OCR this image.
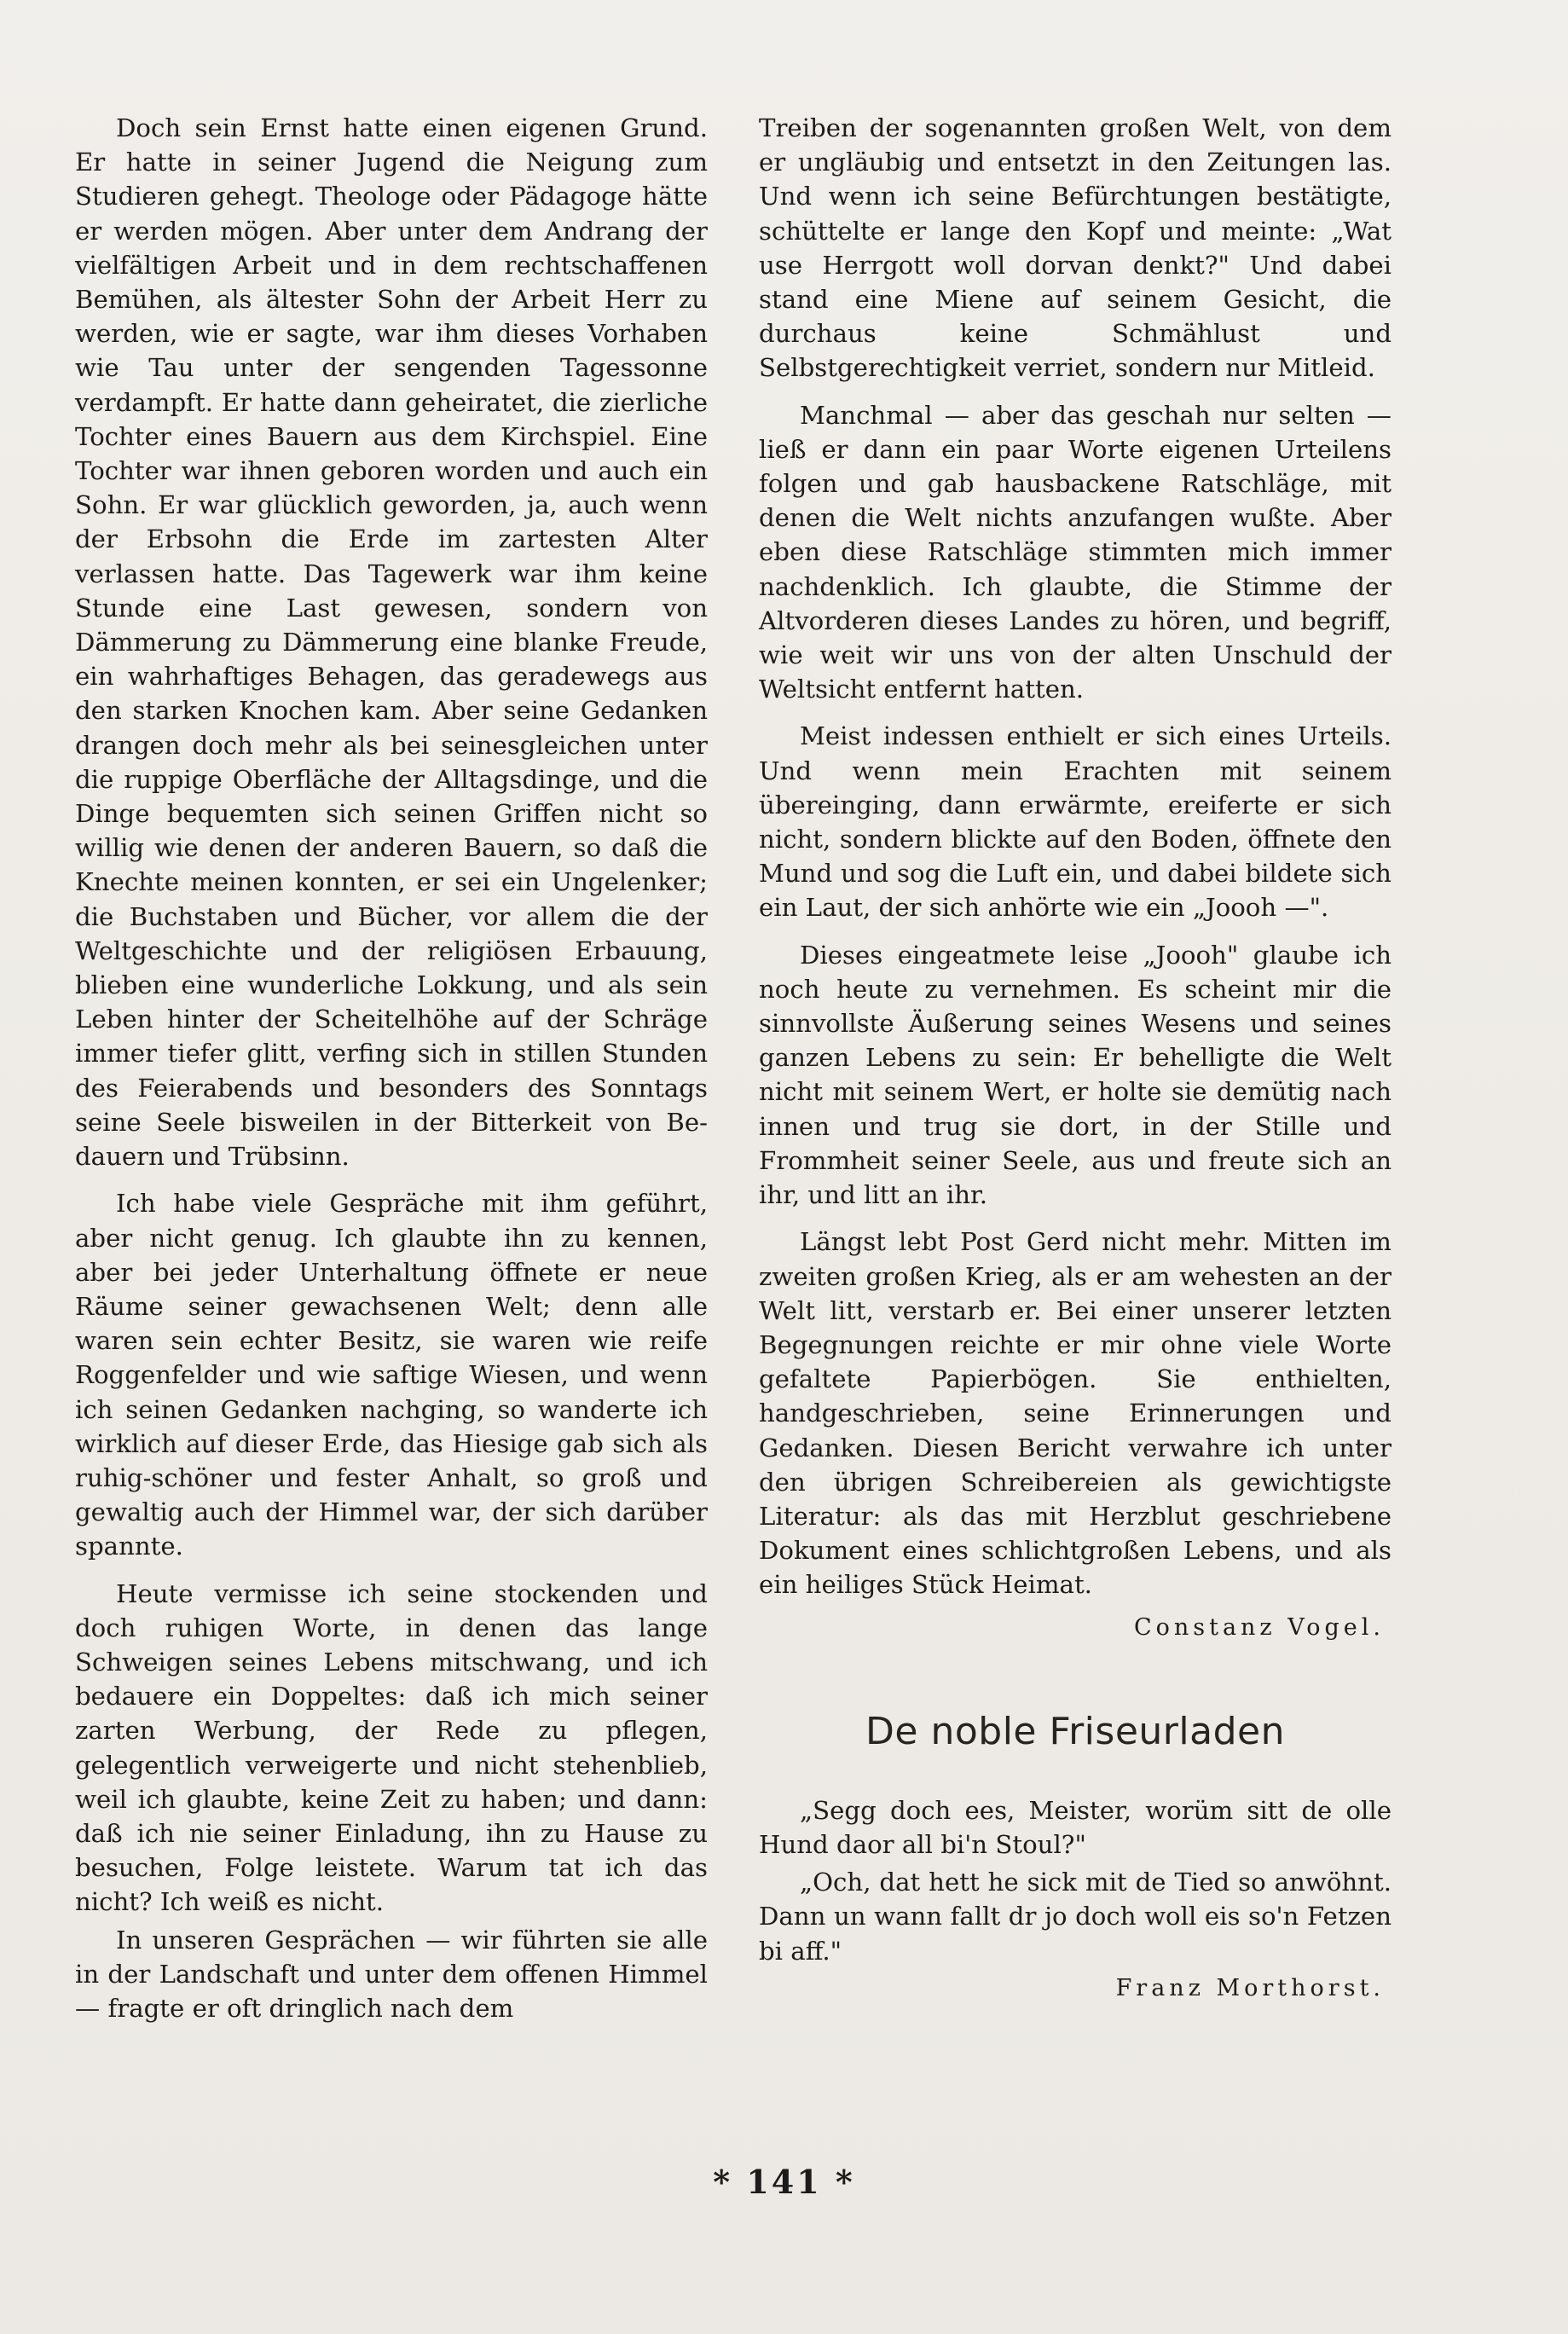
Doch sein Ernst hatte einen eigenen Grund. Er hatte in seiner Jugend die Neigung zum Studieren gehegt. Theologe oder Pädagoge hätte er werden mögen. Aber unter dem Andrang der vielfältigen Arbeit und in dem rechtschaffenen Bemühen, als ältester Sohn der Arbeit Herr zu werden, wie er sagte, war ihm dieses Vorhaben wie Tau unter der sengenden Tagessonne verdampft. Er hatte dann geheiratet, die zierliche Tochter eines Bauern aus dem Kirchspiel. Eine Tochter war ihnen geboren worden und auch ein Sohn. Er war glücklich geworden, ja, auch wenn der Erbsohn die Erde im zartesten Alter verlassen hatte. Das Tagewerk war ihm keine Stunde eine Last gewesen, sondern von Dämmerung zu Dämmerung eine blanke Freude, ein wahrhaftiges Behagen, das geradewegs aus den starken Knochen kam. Aber seine Gedanken drangen doch mehr als bei seinesgleichen unter die ruppige Oberfläche der Alltagsdinge, und die Dinge bequemten sich seinen Griffen nicht so willig wie denen der anderen Bauern, so daß die Knechte meinen konnten, er sei ein Ungelenker; die Buchstaben und Bücher, vor allem die der Weltgeschichte und der religiösen Erbauung, blieben eine wunderliche Lokkung, und als sein Leben hinter der Scheitelhöhe auf der Schräge immer tiefer glitt, verfing sich in stillen Stunden des Feierabends und besonders des Sonntags seine Seele bisweilen in der Bitterkeit von Bedauern und Trübsinn.

Ich habe viele Gespräche mit ihm geführt, aber nicht genug. Ich glaubte ihn zu kennen, aber bei jeder Unterhaltung öffnete er neue Räume seiner gewachsenen Welt; denn alle waren sein echter Besitz, sie waren wie reife Roggenfelder und wie saftige Wiesen, und wenn ich seinen Gedanken nachging, so wanderte ich wirklich auf dieser Erde, das Hiesige gab sich als ruhig-schöner und fester Anhalt, so groß und gewaltig auch der Himmel war, der sich darüber spannte.

Heute vermisse ich seine stockenden und doch ruhigen Worte, in denen das lange Schweigen seines Lebens mitschwang, und ich bedauere ein Doppeltes: daß ich mich seiner zarten Werbung, der Rede zu pflegen, gelegentlich verweigerte und nicht stehenblieb, weil ich glaubte, keine Zeit zu haben; und dann: daß ich nie seiner Einladung, ihn zu Hause zu besuchen, Folge leistete. Warum tat ich das nicht? Ich weiß es nicht.

In unseren Gesprächen — wir führten sie alle in der Landschaft und unter dem offenen Himmel — fragte er oft dringlich nach dem

Treiben der sogenannten großen Welt, von dem er ungläubig und entsetzt in den Zeitungen las. Und wenn ich seine Befürchtungen bestätigte, schüttelte er lange den Kopf und meinte: „Wat use Herrgott woll dorvan denkt?" Und dabei stand eine Miene auf seinem Gesicht, die durchaus keine Schmählust und Selbstgerechtigkeit verriet, sondern nur Mitleid.

Manchmal — aber das geschah nur selten — ließ er dann ein paar Worte eigenen Urteilens folgen und gab hausbackene Ratschläge, mit denen die Welt nichts anzufangen wußte. Aber eben diese Ratschläge stimmten mich immer nachdenklich. Ich glaubte, die Stimme der Altvorderen dieses Landes zu hören, und begriff, wie weit wir uns von der alten Unschuld der Weltsicht entfernt hatten.

Meist indessen enthielt er sich eines Urteils. Und wenn mein Erachten mit seinem übereinging, dann erwärmte, ereiferte er sich nicht, sondern blickte auf den Boden, öffnete den Mund und sog die Luft ein, und dabei bildete sich ein Laut, der sich anhörte wie ein „Joooh —".

Dieses eingeatmete leise „Joooh" glaube ich noch heute zu vernehmen. Es scheint mir die sinnvollste Äußerung seines Wesens und seines ganzen Lebens zu sein: Er behelligte die Welt nicht mit seinem Wert, er holte sie demütig nach innen und trug sie dort, in der Stille und Frommheit seiner Seele, aus und freute sich an ihr, und litt an ihr.

Längst lebt Post Gerd nicht mehr. Mitten im zweiten großen Krieg, als er am wehesten an der Welt litt, verstarb er. Bei einer unserer letzten Begegnungen reichte er mir ohne viele Worte gefaltete Papierbögen. Sie enthielten, handgeschrieben, seine Erinnerungen und Gedanken. Diesen Bericht verwahre ich unter den übrigen Schreibereien als gewichtigste Literatur: als das mit Herzblut geschriebene Dokument eines schlichtgroßen Lebens, und als ein heiliges Stück Heimat.

Constanz Vogel.
De noble Friseurladen

„Segg doch ees, Meister, worüm sitt de olle Hund daor all bi'n Stoul?"

„Och, dat hett he sick mit de Tied so anwöhnt. Dann un wann fallt dr jo doch woll eis so'n Fetzen bi aff."

Franz Morthorst.
* 141 *
